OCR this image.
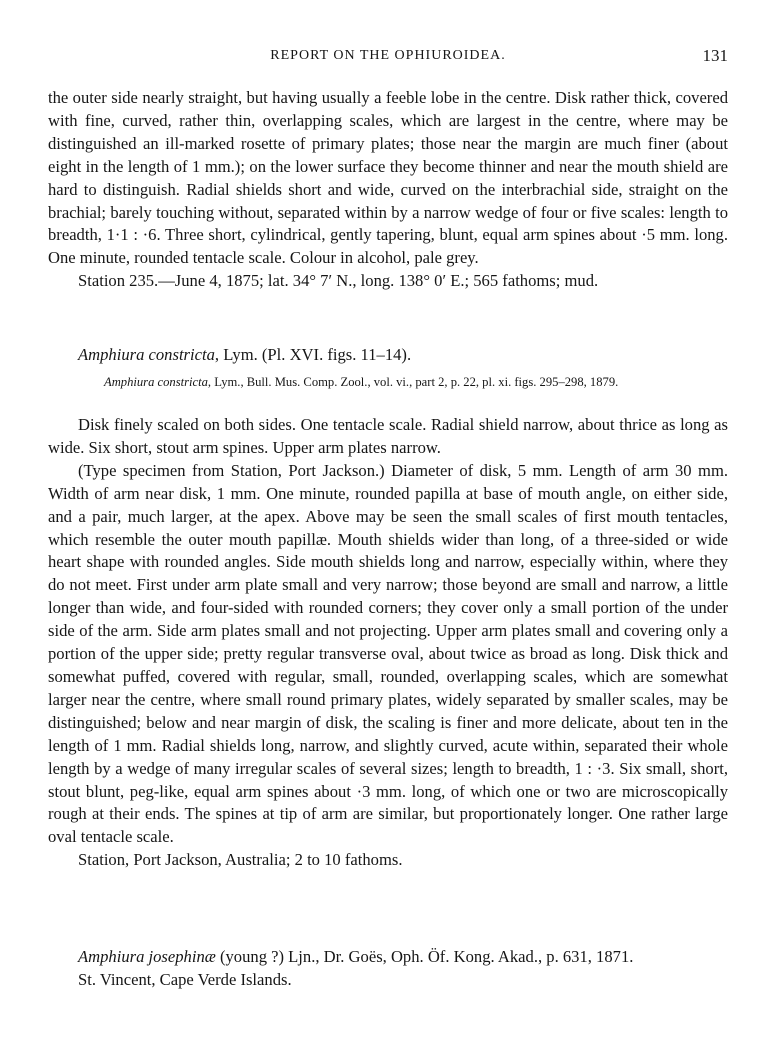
REPORT ON THE OPHIUROIDEA.	131

the outer side nearly straight, but having usually a feeble lobe in the centre. Disk rather thick, covered with fine, curved, rather thin, overlapping scales, which are largest in the centre, where may be distinguished an ill-marked rosette of primary plates; those near the margin are much finer (about eight in the length of 1 mm.); on the lower surface they become thinner and near the mouth shield are hard to distinguish. Radial shields short and wide, curved on the interbrachial side, straight on the brachial; barely touching without, separated within by a narrow wedge of four or five scales: length to breadth, 1·1 : ·6. Three short, cylindrical, gently tapering, blunt, equal arm spines about ·5 mm. long. One minute, rounded tentacle scale. Colour in alcohol, pale grey.

Station 235.—June 4, 1875; lat. 34° 7′ N., long. 138° 0′ E.; 565 fathoms; mud.

Amphiura constricta, Lym. (Pl. XVI. figs. 11–14).

Amphiura constricta, Lym., Bull. Mus. Comp. Zool., vol. vi., part 2, p. 22, pl. xi. figs. 295–298, 1879.

Disk finely scaled on both sides. One tentacle scale. Radial shield narrow, about thrice as long as wide. Six short, stout arm spines. Upper arm plates narrow.

(Type specimen from Station, Port Jackson.) Diameter of disk, 5 mm. Length of arm 30 mm. Width of arm near disk, 1 mm. One minute, rounded papilla at base of mouth angle, on either side, and a pair, much larger, at the apex. Above may be seen the small scales of first mouth tentacles, which resemble the outer mouth papillæ. Mouth shields wider than long, of a three-sided or wide heart shape with rounded angles. Side mouth shields long and narrow, especially within, where they do not meet. First under arm plate small and very narrow; those beyond are small and narrow, a little longer than wide, and four-sided with rounded corners; they cover only a small portion of the under side of the arm. Side arm plates small and not projecting. Upper arm plates small and covering only a portion of the upper side; pretty regular transverse oval, about twice as broad as long. Disk thick and somewhat puffed, covered with regular, small, rounded, overlapping scales, which are somewhat larger near the centre, where small round primary plates, widely separated by smaller scales, may be distinguished; below and near margin of disk, the scaling is finer and more delicate, about ten in the length of 1 mm. Radial shields long, narrow, and slightly curved, acute within, separated their whole length by a wedge of many irregular scales of several sizes; length to breadth, 1 : ·3. Six small, short, stout blunt, peg-like, equal arm spines about ·3 mm. long, of which one or two are microscopically rough at their ends. The spines at tip of arm are similar, but proportionately longer. One rather large oval tentacle scale.

Station, Port Jackson, Australia; 2 to 10 fathoms.

Amphiura josephinæ (young ?) Ljn., Dr. Goës, Oph. Öf. Kong. Akad., p. 631, 1871.

St. Vincent, Cape Verde Islands.
